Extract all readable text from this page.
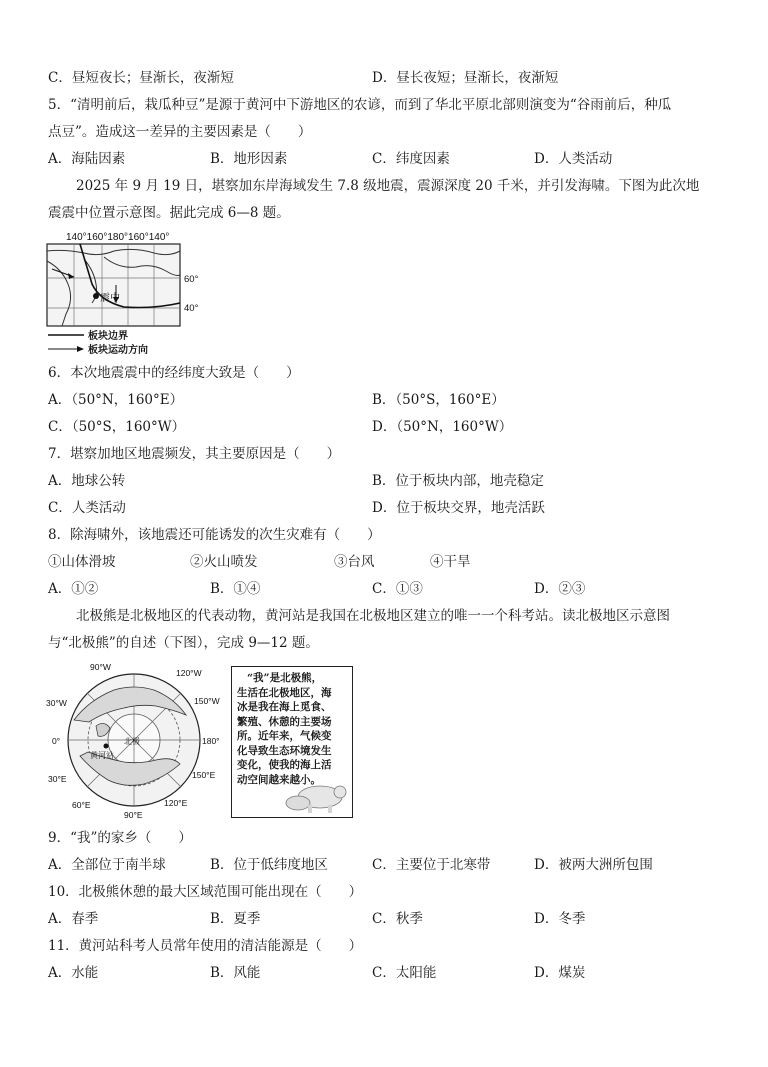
C．昼短夜长；昼渐长，夜渐短	D．昼长夜短；昼渐长，夜渐短
5．“清明前后，栽瓜种豆”是源于黄河中下游地区的农谚，而到了华北平原北部则演变为“谷雨前后，种瓜
点豆”。造成这一差异的主要因素是（　　）
A．海陆因素	B．地形因素	C．纬度因素	D．人类活动
2025 年 9 月 19 日，堪察加东岸海域发生 7.8 级地震，震源深度 20 千米，并引发海啸。下图为此次地
震震中位置示意图。据此完成 6—8 题。
140°160°180°160°140°
震中
60°
40°
板块边界
板块运动方向
6．本次地震震中的经纬度大致是（　　）
A．（50°N，160°E）	B．（50°S，160°E）
C．（50°S，160°W）	D．（50°N，160°W）
7．堪察加地区地震频发，其主要原因是（　　）
A．地球公转	B．位于板块内部，地壳稳定
C．人类活动	D．位于板块交界，地壳活跃
8．除海啸外，该地震还可能诱发的次生灾难有（　　）
①山体滑坡	②火山喷发	③台风	④干旱
A．①②	B．①④	C．①③	D．②③
北极熊是北极地区的代表动物，黄河站是我国在北极地区建立的唯一一个科考站。读北极地区示意图
与“北极熊”的自述（下图），完成 9—12 题。
黄河站
北极
90°W
120°W
150°W
30°W
0°	180°
30°E	150°E
60°E	120°E
90°E
“我”是北极熊，
生活在北极地区，海
冰是我在海上觅食、
繁殖、休憩的主要场
所。近年来，气候变
化导致生态环境发生
变化，使我的海上活
动空间越来越小。
9．“我”的家乡（　　）
A．全部位于南半球	B．位于低纬度地区	C．主要位于北寒带	D．被两大洲所包围
10．北极熊休憩的最大区域范围可能出现在（　　）
A．春季	B．夏季	C．秋季	D．冬季
11．黄河站科考人员常年使用的清洁能源是（　　）
A．水能	B．风能	C．太阳能	D．煤炭
